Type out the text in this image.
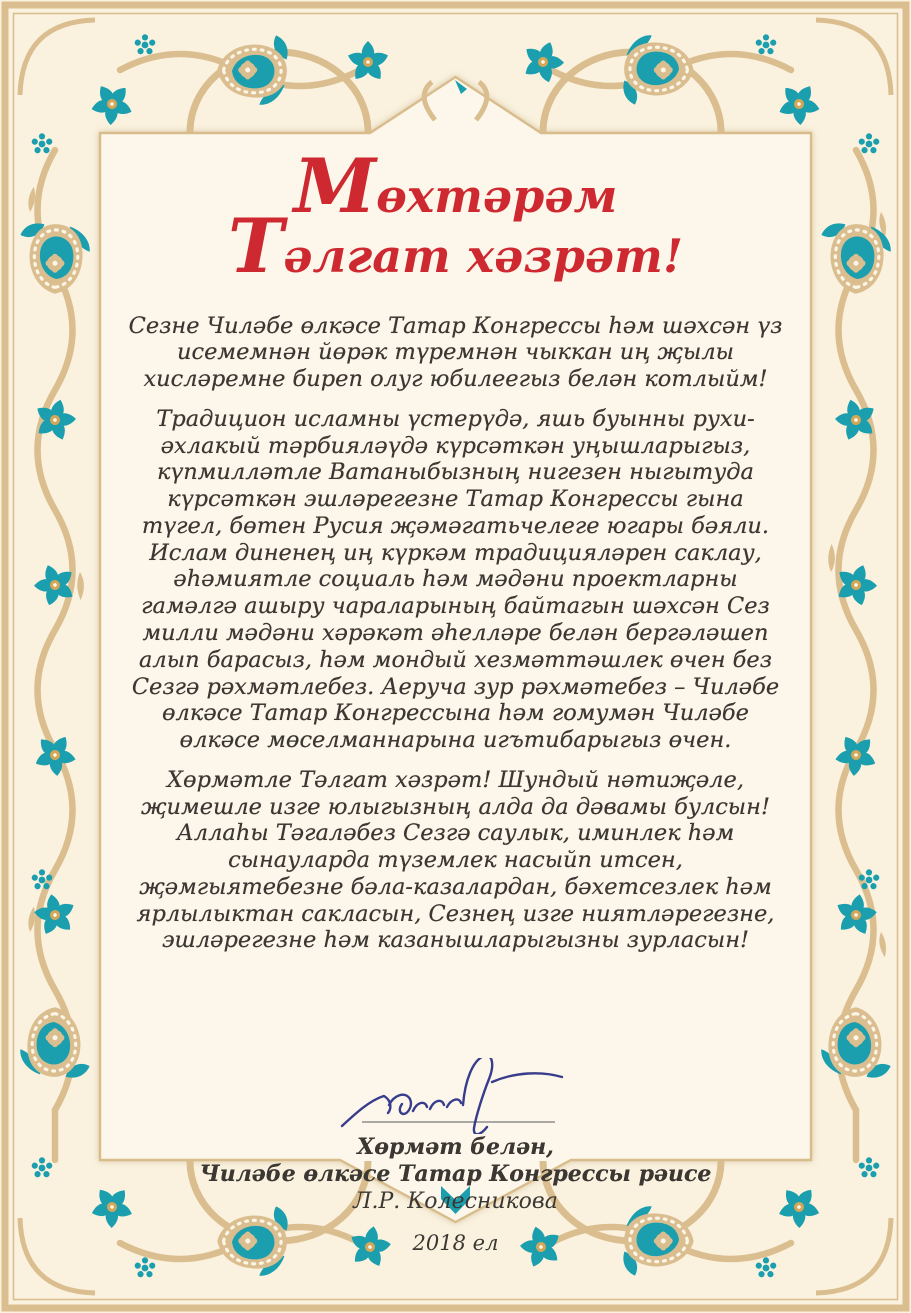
Мөхтәрәм
Тәлгат хәзрәт!

Сезне Чиләбе өлкәсе Татар Конгрессы һәм шәхсән үз исемемнән йөрәк түремнән чыккан иң җылы хисләремне биреп олуг юбилеегыз белән котлыйм!

Традицион исламны үстерүдә, яшь буынны рухи-әхлакый тәрбияләүдә күрсәткән уңышларыгыз, күпмилләтле Ватаныбызның нигезен ныгытуда күрсәткән эшләрегезне Татар Конгрессы гына түгел, бөтен Русия җәмәгатьчелеге югары бәяли. Ислам диненең иң күркәм традицияләрен саклау, әһәмиятле социаль һәм мәдәни проектларны гамәлгә ашыру чараларының байтагын шәхсән Сез милли мәдәни хәрәкәт әһелләре белән бергәләшеп алып барасыз, һәм мондый хезмәттәшлек өчен без Сезгә рәхмәтлебез. Аеруча зур рәхмәтебез – Чиләбе өлкәсе Татар Конгрессына һәм гомумән Чиләбе өлкәсе мөселманнарына игътибарыгыз өчен.

Хөрмәтле Тәлгат хәзрәт! Шундый нәтиҗәле, җимешле изге юлыгызның алда да дәвамы булсын! Аллаһы Тәгаләбез Сезгә саулык, иминлек һәм сынауларда түземлек насыйп итсен, җәмгыятебезне бәла-казалардан, бәхетсезлек һәм ярлылыктан сакласын, Сезнең изге ниятләрегезне, эшләрегезне һәм казанышларыгызны зурласын!

Хөрмәт белән,
Чиләбе өлкәсе Татар Конгрессы рәисе
Л.Р. Колесникова
2018 ел
